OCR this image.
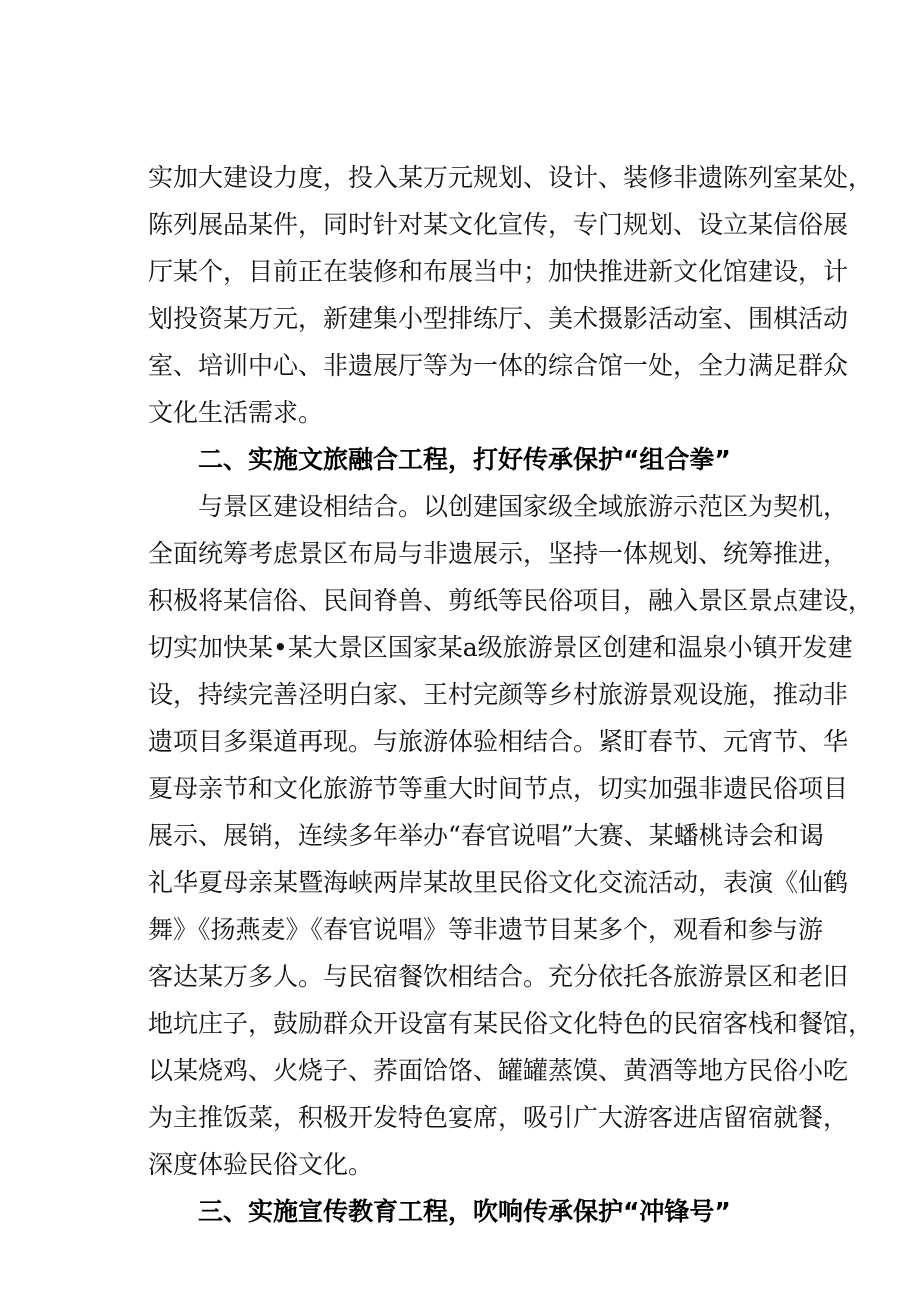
实加大建设力度，投入某万元规划、设计、装修非遗陈列室某处，
陈列展品某件，同时针对某文化宣传，专门规划、设立某信俗展
厅某个，目前正在装修和布展当中；加快推进新文化馆建设，计
划投资某万元，新建集小型排练厅、美术摄影活动室、围棋活动
室、培训中心、非遗展厅等为一体的综合馆一处，全力满足群众
文化生活需求。
二、实施文旅融合工程，打好传承保护“组合拳”
与景区建设相结合。以创建国家级全域旅游示范区为契机，
全面统筹考虑景区布局与非遗展示，坚持一体规划、统筹推进，
积极将某信俗、民间脊兽、剪纸等民俗项目，融入景区景点建设，
切实加快某•某大景区国家某a级旅游景区创建和温泉小镇开发建
设，持续完善泾明白家、王村完颜等乡村旅游景观设施，推动非
遗项目多渠道再现。与旅游体验相结合。紧盯春节、元宵节、华
夏母亲节和文化旅游节等重大时间节点，切实加强非遗民俗项目
展示、展销，连续多年举办“春官说唱”大赛、某蟠桃诗会和谒
礼华夏母亲某暨海峡两岸某故里民俗文化交流活动，表演《仙鹤
舞》《扬燕麦》《春官说唱》等非遗节目某多个，观看和参与游
客达某万多人。与民宿餐饮相结合。充分依托各旅游景区和老旧
地坑庄子，鼓励群众开设富有某民俗文化特色的民宿客栈和餐馆，
以某烧鸡、火烧子、荞面饸饹、罐罐蒸馍、黄酒等地方民俗小吃
为主推饭菜，积极开发特色宴席，吸引广大游客进店留宿就餐，
深度体验民俗文化。
三、实施宣传教育工程，吹响传承保护“冲锋号”
